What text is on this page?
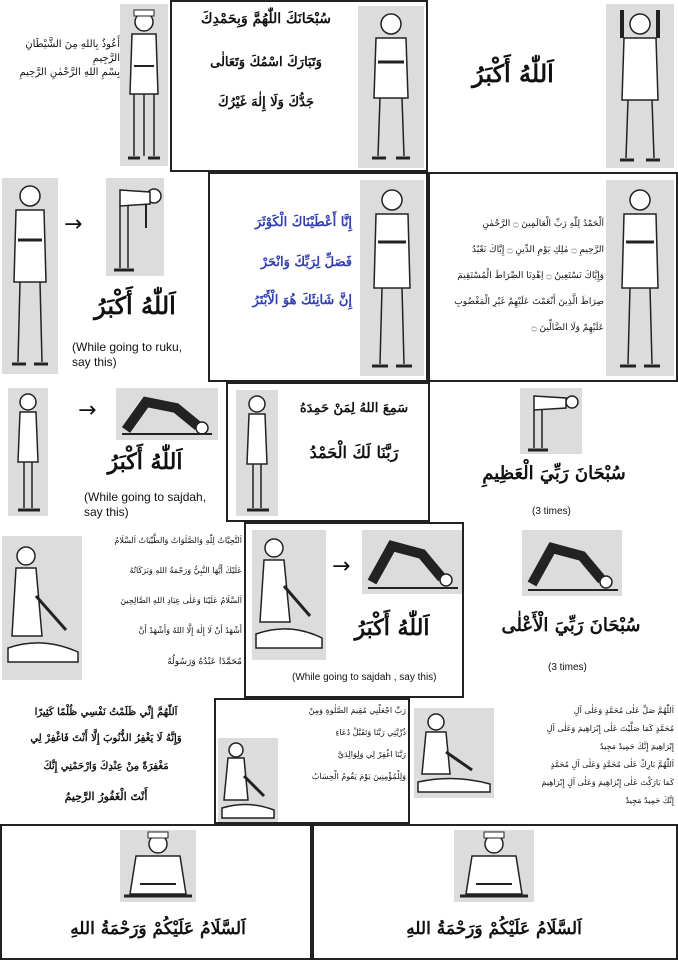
أَعُوذُ بِاللهِ مِنَ الشَّيْطَانِ الرَّجِيمِ
بِسْمِ اللهِ الرَّحْمٰنِ الرَّحِيمِ
سُبْحَانَكَ اللّٰهُمَّ وَبِحَمْدِكَ
وَتَبَارَكَ اسْمُكَ وَتَعَالٰى
جَدُّكَ وَلَا إِلٰهَ غَيْرُكَ
اَللّٰهُ أَكْبَرُ
→
اَللّٰهُ أَكْبَرُ
(While going to ruku, say this)
إِنَّا أَعْطَيْنَاكَ الْكَوْثَرَ
فَصَلِّ لِرَبِّكَ وَانْحَرْ
إِنَّ شَانِئَكَ هُوَ الْأَبْتَرُ
اَلْحَمْدُ لِلّٰهِ رَبِّ الْعَالَمِينَ ۝ الرَّحْمٰنِ
الرَّحِيمِ ۝ مٰلِكِ يَوْمِ الدِّينِ ۝ إِيَّاكَ نَعْبُدُ
وَإِيَّاكَ نَسْتَعِينُ ۝ اِهْدِنَا الصِّرَاطَ الْمُسْتَقِيمَ
صِرَاطَ الَّذِينَ أَنْعَمْتَ عَلَيْهِمْ غَيْرِ الْمَغْضُوبِ
عَلَيْهِمْ وَلَا الضَّالِّينَ ۝
→
اَللّٰهُ أَكْبَرُ
(While going to sajdah, say this)
سَمِعَ اللهُ لِمَنْ حَمِدَهُ
رَبَّنَا لَكَ الْحَمْدُ
سُبْحَانَ رَبِّيَ الْعَظِيمِ
(3 times)
اَلتَّحِيَّاتُ لِلّٰهِ وَالصَّلَوَاتُ وَالطَّيِّبَاتُ اَلسَّلَامُ
عَلَيْكَ أَيُّهَا النَّبِيُّ وَرَحْمَةُ اللهِ وَبَرَكَاتُهُ
اَلسَّلَامُ عَلَيْنَا وَعَلٰى عِبَادِ اللهِ الصَّالِحِينَ
أَشْهَدُ أَنْ لَا إِلٰهَ إِلَّا اللهُ وَأَشْهَدُ أَنَّ
مُحَمَّدًا عَبْدُهُ وَرَسُولُهُ
→
اَللّٰهُ أَكْبَرُ
(While going to sajdah , say this)
سُبْحَانَ رَبِّيَ الْأَعْلٰى
(3 times)
اَللّٰهُمَّ إِنِّي ظَلَمْتُ نَفْسِي ظُلْمًا كَثِيرًا
وَإِنَّهُ لَا يَغْفِرُ الذُّنُوبَ إِلَّا أَنْتَ فَاغْفِرْ لِي
مَغْفِرَةً مِنْ عِنْدِكَ وَارْحَمْنِي إِنَّكَ
أَنْتَ الْغَفُورُ الرَّحِيمُ
رَبِّ اجْعَلْنِي مُقِيمَ الصَّلٰوةِ وَمِنْ
ذُرِّيَّتِي رَبَّنَا وَتَقَبَّلْ دُعَاءِ
رَبَّنَا اغْفِرْ لِي وَلِوَالِدَيَّ
وَلِلْمُؤْمِنِينَ يَوْمَ يَقُومُ الْحِسَابُ
اَللّٰهُمَّ صَلِّ عَلٰى مُحَمَّدٍ وَعَلٰى آلِ
مُحَمَّدٍ كَمَا صَلَّيْتَ عَلٰى إِبْرَاهِيمَ وَعَلٰى آلِ
إِبْرَاهِيمَ إِنَّكَ حَمِيدٌ مَجِيدٌ
اَللّٰهُمَّ بَارِكْ عَلٰى مُحَمَّدٍ وَعَلٰى آلِ مُحَمَّدٍ
كَمَا بَارَكْتَ عَلٰى إِبْرَاهِيمَ وَعَلٰى آلِ إِبْرَاهِيمَ
إِنَّكَ حَمِيدٌ مَجِيدٌ
اَلسَّلَامُ عَلَيْكُمْ وَرَحْمَةُ اللهِ	اَلسَّلَامُ عَلَيْكُمْ وَرَحْمَةُ اللهِ
